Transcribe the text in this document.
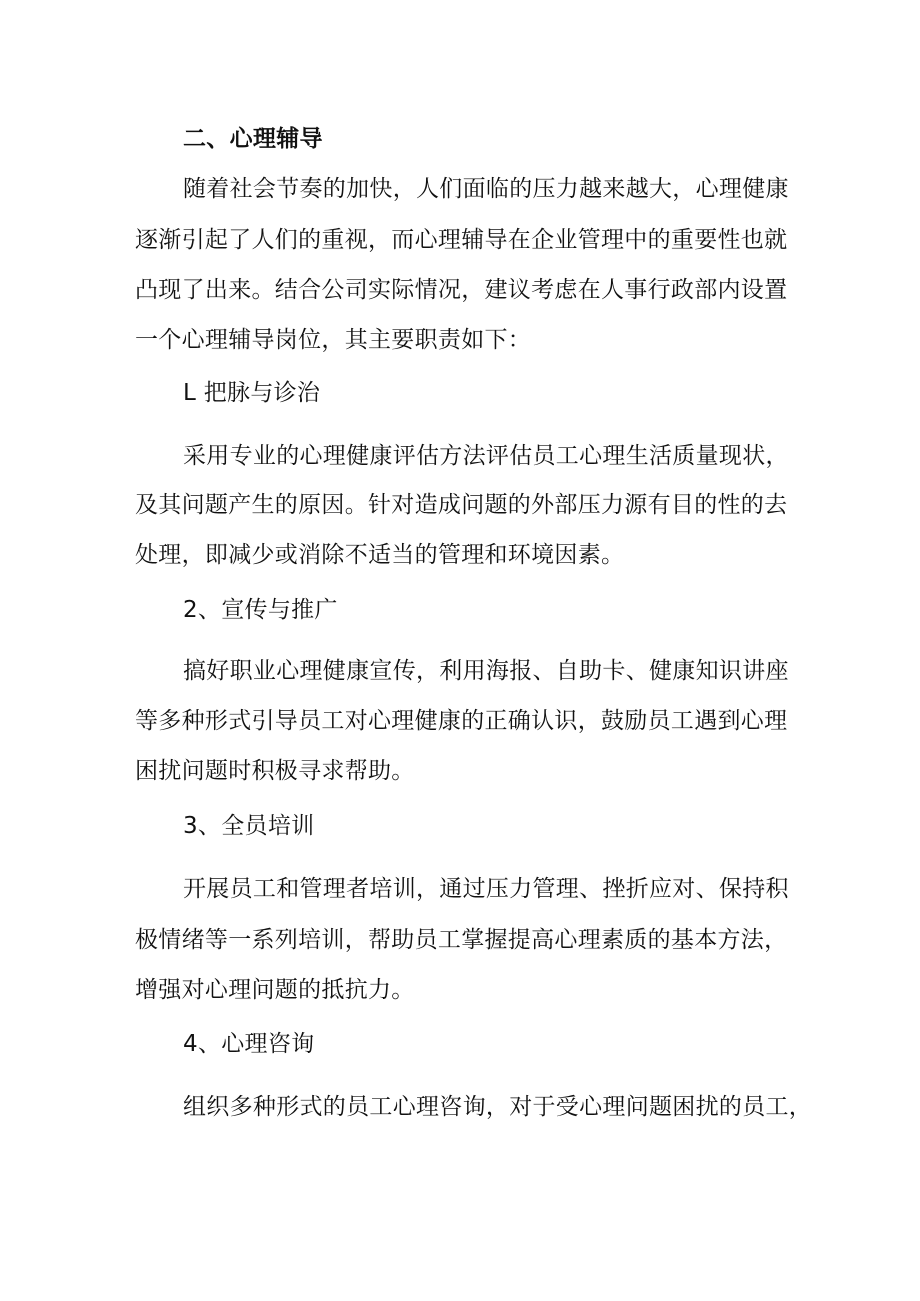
二、心理辅导
随着社会节奏的加快，人们面临的压力越来越大，心理健康
逐渐引起了人们的重视，而心理辅导在企业管理中的重要性也就
凸现了出来。结合公司实际情况，建议考虑在人事行政部内设置
一个心理辅导岗位，其主要职责如下：
L 把脉与诊治
采用专业的心理健康评估方法评估员工心理生活质量现状，
及其问题产生的原因。针对造成问题的外部压力源有目的性的去
处理，即减少或消除不适当的管理和环境因素。
2、宣传与推广
搞好职业心理健康宣传，利用海报、自助卡、健康知识讲座
等多种形式引导员工对心理健康的正确认识，鼓励员工遇到心理
困扰问题时积极寻求帮助。
3、全员培训
开展员工和管理者培训，通过压力管理、挫折应对、保持积
极情绪等一系列培训，帮助员工掌握提高心理素质的基本方法，
增强对心理问题的抵抗力。
4、心理咨询
组织多种形式的员工心理咨询，对于受心理问题困扰的员工，
